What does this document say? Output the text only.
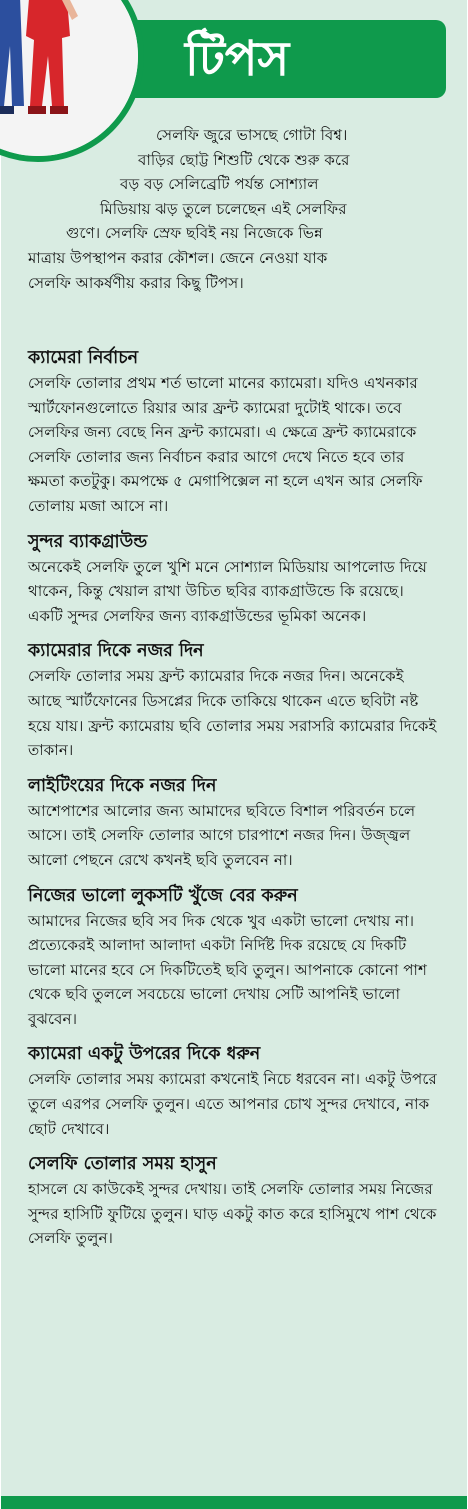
টিপস
সেলফি জুরে ভাসছে গোটা বিশ্ব।
বাড়ির ছোট্ট শিশুটি থেকে শুরু করে
বড় বড় সেলিব্রেটি পর্যন্ত সোশ্যাল
মিডিয়ায় ঝড় তুলে চলেছেন এই সেলফির
গুণে। সেলফি স্রেফ ছবিই নয় নিজেকে ভিন্ন
মাত্রায় উপস্থাপন করার কৌশল। জেনে নেওয়া যাক
সেলফি আকর্ষণীয় করার কিছু টিপস।
ক্যামেরা নির্বাচন

সেলফি তোলার প্রথম শর্ত ভালো মানের ক্যামেরা। যদিও এখনকার স্মার্টফোনগুলোতে রিয়ার আর ফ্রন্ট ক্যামেরা দুটোই থাকে। তবে সেলফির জন্য বেছে নিন ফ্রন্ট ক্যামেরা। এ ক্ষেত্রে ফ্রন্ট ক্যামেরাকে সেলফি তোলার জন্য নির্বাচন করার আগে দেখে নিতে হবে তার ক্ষমতা কতটুকু। কমপক্ষে ৫ মেগাপিক্সেল না হলে এখন আর সেলফি তোলায় মজা আসে না।

সুন্দর ব্যাকগ্রাউন্ড

অনেকেই সেলফি তুলে খুশি মনে সোশ্যাল মিডিয়ায় আপলোড দিয়ে থাকেন, কিন্তু খেয়াল রাখা উচিত ছবির ব্যাকগ্রাউন্ডে কি রয়েছে। একটি সুন্দর সেলফির জন্য ব্যাকগ্রাউন্ডের ভূমিকা অনেক।

ক্যামেরার দিকে নজর দিন

সেলফি তোলার সময় ফ্রন্ট ক্যামেরার দিকে নজর দিন। অনেকেই আছে স্মার্টফোনের ডিসপ্লের দিকে তাকিয়ে থাকেন এতে ছবিটা নষ্ট হয়ে যায়। ফ্রন্ট ক্যামেরায় ছবি তোলার সময় সরাসরি ক্যামেরার দিকেই তাকান।

লাইটিংয়ের দিকে নজর দিন

আশেপাশের আলোর জন্য আমাদের ছবিতে বিশাল পরিবর্তন চলে আসে। তাই সেলফি তোলার আগে চারপাশে নজর দিন। উজ্জ্বল আলো পেছনে রেখে কখনই ছবি তুলবেন না।

নিজের ভালো লুকসটি খুঁজে বের করুন

আমাদের নিজের ছবি সব দিক থেকে খুব একটা ভালো দেখায় না। প্রত্যেকেরই আলাদা আলাদা একটা নির্দিষ্ট দিক রয়েছে যে দিকটি ভালো মানের হবে সে দিকটিতেই ছবি তুলুন। আপনাকে কোনো পাশ থেকে ছবি তুললে সবচেয়ে ভালো দেখায় সেটি আপনিই ভালো বুঝবেন।

ক্যামেরা একটু উপরের দিকে ধরুন

সেলফি তোলার সময় ক্যামেরা কখনোই নিচে ধরবেন না। একটু উপরে তুলে এরপর সেলফি তুলুন। এতে আপনার চোখ সুন্দর দেখাবে, নাক ছোট দেখাবে।

সেলফি তোলার সময় হাসুন

হাসলে যে কাউকেই সুন্দর দেখায়। তাই সেলফি তোলার সময় নিজের সুন্দর হাসিটি ফুটিয়ে তুলুন। ঘাড় একটু কাত করে হাসিমুখে পাশ থেকে সেলফি তুলুন।
